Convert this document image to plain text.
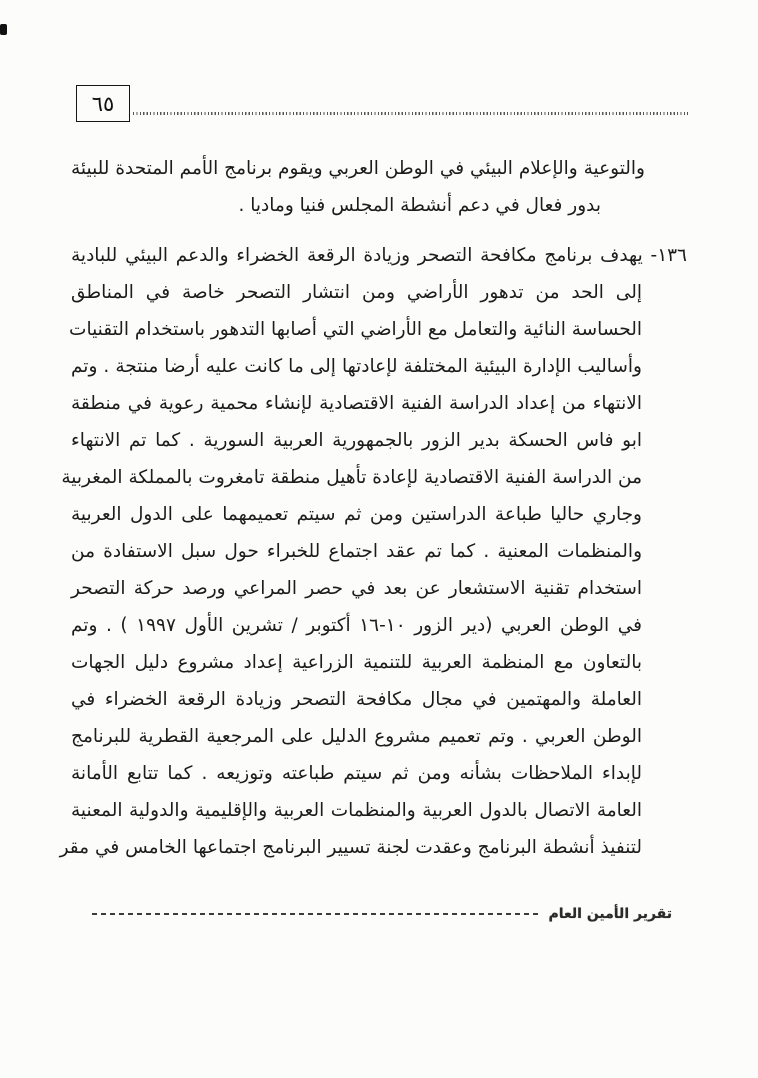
٦٥
والتوعية والإعلام البيئي في الوطن العربي ويقوم برنامج الأمم المتحدة للبيئة
بدور فعال في دعم أنشطة المجلس فنيا وماديا .
١٣٦- يهدف برنامج مكافحة التصحر وزيادة الرقعة الخضراء والدعم البيئي للبادية
إلى الحد من تدهور الأراضي ومن انتشار التصحر خاصة في المناطق
الحساسة النائية والتعامل مع الأراضي التي أصابها التدهور باستخدام التقنيات
وأساليب الإدارة البيئية المختلفة لإعادتها إلى ما كانت عليه أرضا منتجة . وتم
الانتهاء من إعداد الدراسة الفنية الاقتصادية لإنشاء محمية رعوية في منطقة
ابو فاس الحسكة بدير الزور بالجمهورية العربية السورية . كما تم الانتهاء
من الدراسة الفنية الاقتصادية لإعادة تأهيل منطقة تامغروت بالمملكة المغربية
وجاري حاليا طباعة الدراستين ومن ثم سيتم تعميمهما على الدول العربية
والمنظمات المعنية . كما تم عقد اجتماع للخبراء حول سبل الاستفادة من
استخدام تقنية الاستشعار عن بعد في حصر المراعي ورصد حركة التصحر
في الوطن العربي (دير الزور ١٠-١٦ أكتوبر / تشرين الأول ١٩٩٧ ) . وتم
بالتعاون مع المنظمة العربية للتنمية الزراعية إعداد مشروع دليل الجهات
العاملة والمهتمين في مجال مكافحة التصحر وزيادة الرقعة الخضراء في
الوطن العربي . وتم تعميم مشروع الدليل على المرجعية القطرية للبرنامج
لإبداء الملاحظات بشأنه ومن ثم سيتم طباعته وتوزيعه . كما تتابع الأمانة
العامة الاتصال بالدول العربية والمنظمات العربية والإقليمية والدولية المعنية
لتنفيذ أنشطة البرنامج وعقدت لجنة تسيير البرنامج اجتماعها الخامس في مقر
تقرير الأمين العام
